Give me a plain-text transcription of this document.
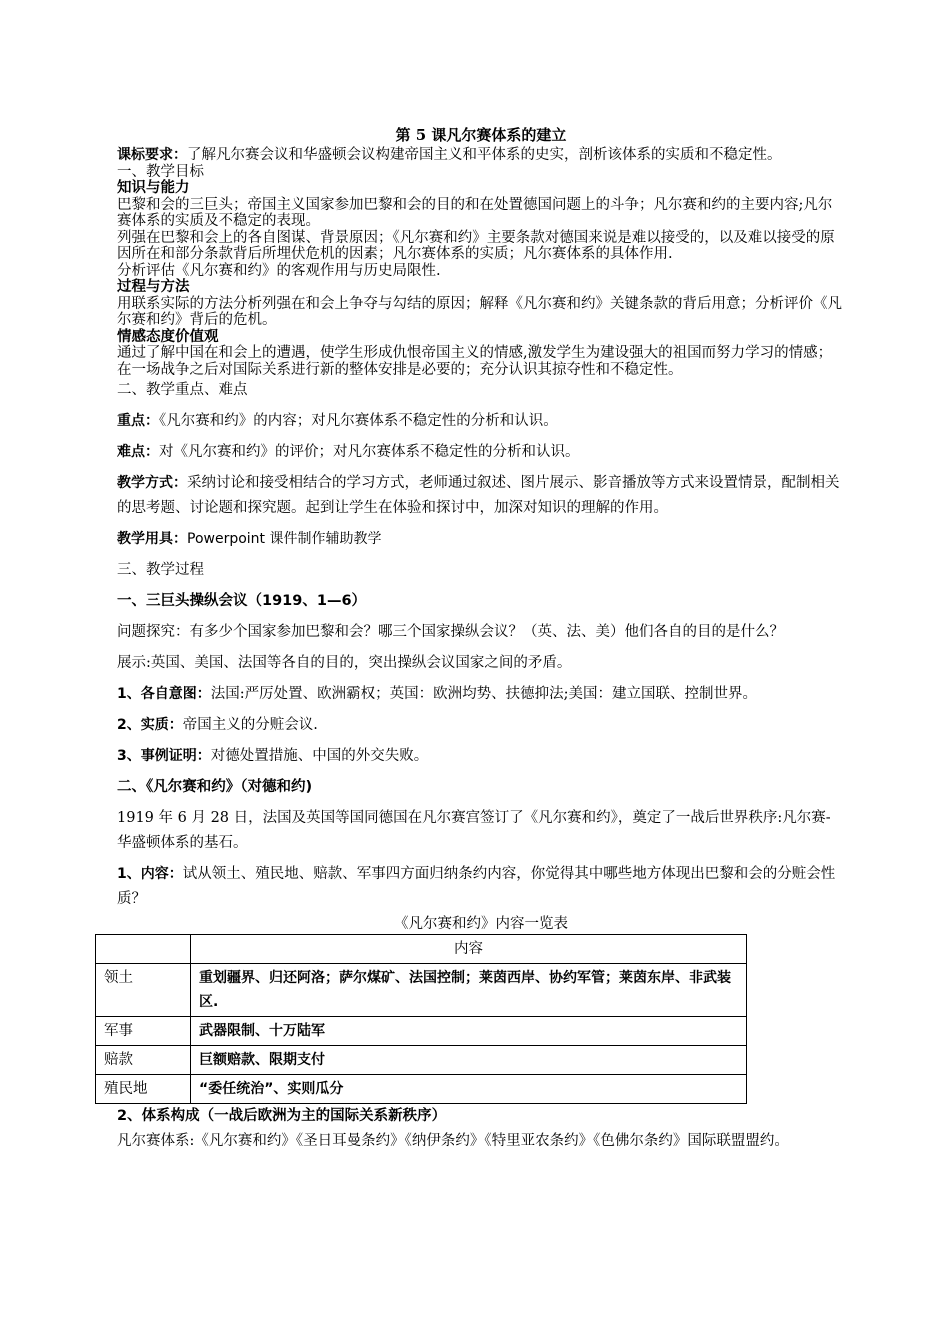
第 5 课凡尔赛体系的建立

课标要求：了解凡尔赛会议和华盛顿会议构建帝国主义和平体系的史实，剖析该体系的实质和不稳定性。

一、教学目标

知识与能力

巴黎和会的三巨头；帝国主义国家参加巴黎和会的目的和在处置德国问题上的斗争；凡尔赛和约的主要内容;凡尔赛体系的实质及不稳定的表现。

列强在巴黎和会上的各自图谋、背景原因；《凡尔赛和约》主要条款对德国来说是难以接受的，以及难以接受的原因所在和部分条款背后所埋伏危机的因素；凡尔赛体系的实质；凡尔赛体系的具体作用.

分析评估《凡尔赛和约》的客观作用与历史局限性.

过程与方法

用联系实际的方法分析列强在和会上争夺与勾结的原因；解释《凡尔赛和约》关键条款的背后用意；分析评价《凡尔赛和约》背后的危机。

情感态度价值观

通过了解中国在和会上的遭遇，使学生形成仇恨帝国主义的情感,激发学生为建设强大的祖国而努力学习的情感；在一场战争之后对国际关系进行新的整体安排是必要的；充分认识其掠夺性和不稳定性。

二、教学重点、难点

重点：《凡尔赛和约》的内容；对凡尔赛体系不稳定性的分析和认识。

难点：对《凡尔赛和约》的评价；对凡尔赛体系不稳定性的分析和认识。

教学方式：采纳讨论和接受相结合的学习方式，老师通过叙述、图片展示、影音播放等方式来设置情景，配制相关的思考题、讨论题和探究题。起到让学生在体验和探讨中，加深对知识的理解的作用。

教学用具：Powerpoint 课件制作辅助教学

三、教学过程

一、三巨头操纵会议（1919、1—6）

问题探究：有多少个国家参加巴黎和会？哪三个国家操纵会议？（英、法、美）他们各自的目的是什么？

展示:英国、美国、法国等各自的目的，突出操纵会议国家之间的矛盾。

1、各自意图：法国:严厉处置、欧洲霸权；英国：欧洲均势、扶德抑法;美国：建立国联、控制世界。

2、实质：帝国主义的分赃会议.

3、事例证明：对德处置措施、中国的外交失败。

二、《凡尔赛和约》（对德和约)

1919 年 6 月 28 日，法国及英国等国同德国在凡尔赛宫签订了《凡尔赛和约》，奠定了一战后世界秩序:凡尔赛-华盛顿体系的基石。

1、内容：试从领土、殖民地、赔款、军事四方面归纳条约内容，你觉得其中哪些地方体现出巴黎和会的分赃会性质？

《凡尔赛和约》内容一览表

	内容
领土	重划疆界、归还阿洛；萨尔煤矿、法国控制；莱茵西岸、协约军管；莱茵东岸、非武装区.
军事	武器限制、十万陆军
赔款	巨额赔款、限期支付
殖民地	“委任统治”、实则瓜分

2、体系构成（一战后欧洲为主的国际关系新秩序）

凡尔赛体系:《凡尔赛和约》《圣日耳曼条约》《纳伊条约》《特里亚农条约》《色佛尔条约》国际联盟盟约。
